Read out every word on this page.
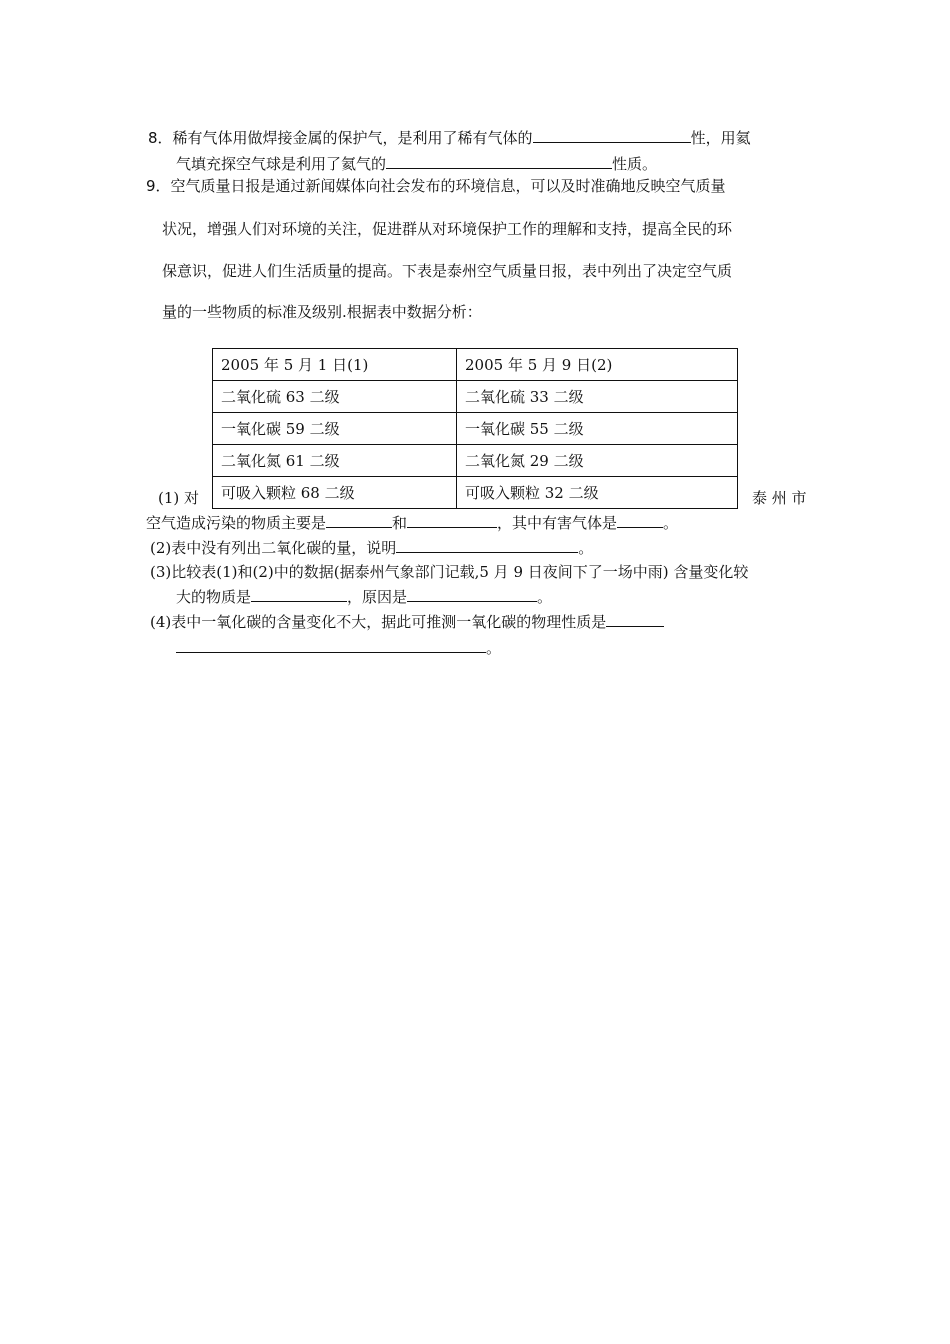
8．稀有气体用做焊接金属的保护气，是利用了稀有气体的	性，用氦
气填充探空气球是利用了氦气的	性质。
9．空气质量日报是通过新闻媒体向社会发布的环境信息，可以及时准确地反映空气质量
状况，增强人们对环境的关注，促进群从对环境保护工作的理解和支持，提高全民的环
保意识，促进人们生活质量的提高。下表是泰州空气质量日报，表中列出了决定空气质
量的一些物质的标准及级别.根据表中数据分析：
2005 年 5 月 1 日(1)	2005 年 5 月 9 日(2)
二氧化硫 63 二级	二氧化硫 33 二级
一氧化碳 59 二级	一氧化碳 55 二级
二氧化氮 61 二级	二氧化氮 29 二级
可吸入颗粒 68 二级	可吸入颗粒 32 二级
(1) 对	泰 州 市
空气造成污染的物质主要是	和	，其中有害气体是	。
(2)表中没有列出二氧化碳的量，说明	。
(3)比较表(1)和(2)中的数据(据泰州气象部门记载,5 月 9 日夜间下了一场中雨) 含量变化较
大的物质是	，原因是	。
(4)表中一氧化碳的含量变化不大，据此可推测一氧化碳的物理性质是
。
